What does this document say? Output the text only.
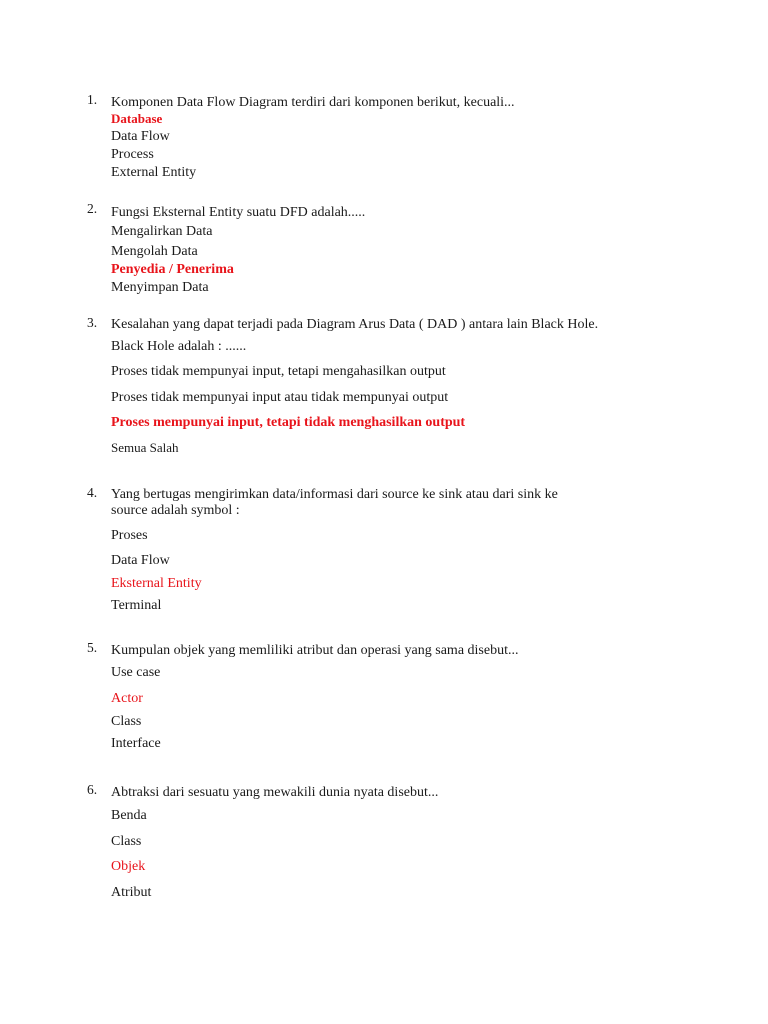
1. Komponen Data Flow Diagram terdiri dari komponen berikut, kecuali...
Database
Data Flow
Process
External Entity
2. Fungsi Eksternal Entity suatu DFD adalah.....
Mengalirkan Data
Mengolah Data
Penyedia / Penerima
Menyimpan Data
3. Kesalahan yang dapat terjadi pada Diagram Arus Data ( DAD ) antara lain Black Hole.
Black Hole adalah : ......
Proses tidak mempunyai input, tetapi mengahasilkan output
Proses tidak mempunyai input atau tidak mempunyai output
Proses mempunyai input, tetapi tidak menghasilkan output
Semua Salah
4. Yang bertugas mengirimkan data/informasi dari source ke sink atau dari sink ke
source adalah symbol :
Proses
Data Flow
Eksternal Entity
Terminal
5. Kumpulan objek yang memliliki atribut dan operasi yang sama disebut...
Use case
Actor
Class
Interface
6. Abtraksi dari sesuatu yang mewakili dunia nyata disebut...
Benda
Class
Objek
Atribut
